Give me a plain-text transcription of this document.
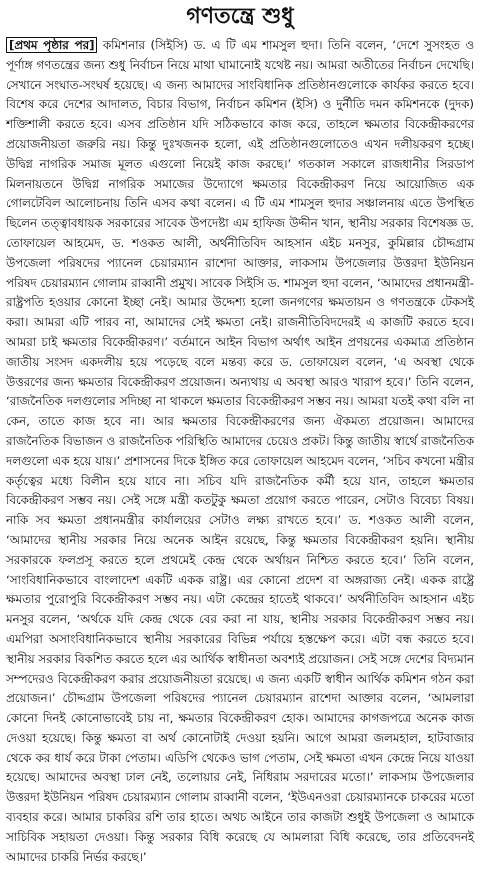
গণতন্ত্রে শুধু

[প্রথম পৃষ্ঠার পর] কমিশনার (সিইসি) ড. এ টি এম শামসুল হুদা। তিনি বলেন, ‘দেশে সুসংহত ও পূর্ণাঙ্গ গণতন্ত্রের জন্য শুধু নির্বাচন নিয়ে মাথা ঘামানোই যথেষ্ট নয়। আমরা অতীতের নির্বাচন দেখেছি। সেখানে সংঘাত-সংঘর্ষ হয়েছে। এ জন্য আমাদের সাংবিধানিক প্রতিষ্ঠানগুলোকে কার্যকর করতে হবে। বিশেষ করে দেশের আদালত, বিচার বিভাগ, নির্বাচন কমিশন (ইসি) ও দুর্নীতি দমন কমিশনকে (দুদক) শক্তিশালী করতে হবে। এসব প্রতিষ্ঠান যদি সঠিকভাবে কাজ করে, তাহলে ক্ষমতার বিকেন্দ্রীকরণের প্রয়োজনীয়তা জরুরি নয়। কিন্তু দুঃখজনক হলো, এই প্রতিষ্ঠানগুলোতেও এখন দলীয়করণ হচ্ছে। উদ্বিগ্ন নাগরিক সমাজ মূলত এগুলো নিয়েই কাজ করছে।’ গতকাল সকালে রাজধানীর সিরডাপ মিলনায়তনে উদ্বিগ্ন নাগরিক সমাজের উদ্যোগে ক্ষমতার বিকেন্দ্রীকরণ নিয়ে আয়োজিত এক গোলটেবিল আলোচনায় তিনি এসব কথা বলেন। এ টি এম শামসুল হুদার সঞ্চালনায় এতে উপস্থিত ছিলেন তত্ত্বাবধায়ক সরকারের সাবেক উপদেষ্টা এম হাফিজ উদ্দীন খান, স্থানীয় সরকার বিশেষজ্ঞ ড. তোফায়েল আহমেদ, ড. শওকত আলী, অর্থনীতিবিদ আহসান এইচ মনসুর, কুমিল্লার চৌদ্দগ্রাম উপজেলা পরিষদের প্যানেল চেয়ারম্যান রাশেদা আক্তার, লাকসাম উপজেলার উত্তরদা ইউনিয়ন পরিষদ চেয়ারম্যান গোলাম রাব্বানী প্রমুখ। সাবেক সিইসি ড. শামসুল হুদা বলেন, ‘আমাদের প্রধানমন্ত্রী-রাষ্ট্রপতি হওয়ার কোনো ইচ্ছা নেই। আমার উদ্দেশ্য হলো জনগণের ক্ষমতায়ন ও গণতন্ত্রকে টেকসই করা। আমরা এটি পারব না, আমাদের সেই ক্ষমতা নেই। রাজনীতিবিদদেরই এ কাজটি করতে হবে। আমরা চাই ক্ষমতার বিকেন্দ্রীকরণ।’ বর্তমানে আইন বিভাগ অর্থাৎ আইন প্রণয়নের একমাত্র প্রতিষ্ঠান জাতীয় সংসদ একদলীয় হয়ে পড়েছে বলে মন্তব্য করে ড. তোফায়েল বলেন, ‘এ অবস্থা থেকে উত্তরণের জন্য ক্ষমতার বিকেন্দ্রীকরণ প্রয়োজন। অন্যথায় এ অবস্থা আরও খারাপ হবে।’ তিনি বলেন, ‘রাজনৈতিক দলগুলোর সদিচ্ছা না থাকলে ক্ষমতার বিকেন্দ্রীকরণ সম্ভব নয়। আমরা যতই কথা বলি না কেন, তাতে কাজ হবে না। আর ক্ষমতার বিকেন্দ্রীকরণের জন্য ঐকমত্য প্রয়োজন। আমাদের রাজনৈতিক বিভাজন ও রাজনৈতিক পরিস্থিতি আমাদের চেয়েও প্রকট। কিন্তু জাতীয় স্বার্থে রাজনৈতিক দলগুলো এক হয়ে যায়।’ প্রশাসনের দিকে ইঙ্গিত করে তোফায়েল আহমেদ বলেন, ‘সচিব কখনো মন্ত্রীর কর্তৃত্বের মধ্যে বিলীন হয়ে যাবে না। সচিব যদি রাজনৈতিক কর্মী হয়ে যান, তাহলে ক্ষমতার বিকেন্দ্রীকরণ সম্ভব নয়। সেই সঙ্গে মন্ত্রী কতটুকু ক্ষমতা প্রয়োগ করতে পারেন, সেটাও বিবেচ্য বিষয়। নাকি সব ক্ষমতা প্রধানমন্ত্রীর কার্যালয়ের সেটাও লক্ষ্য রাখতে হবে।’ ড. শওকত আলী বলেন, ‘আমাদের স্থানীয় সরকার নিয়ে অনেক আইন রয়েছে, কিন্তু ক্ষমতার বিকেন্দ্রীকরণ হয়নি। স্থানীয় সরকারকে ফলপ্রসূ করতে হলে প্রথমেই কেন্দ্র থেকে অর্থায়ন নিশ্চিত করতে হবে।’ তিনি বলেন, ‘সাংবিধানিকভাবে বাংলাদেশ একটি একক রাষ্ট্র। এর কোনো প্রদেশ বা অঙ্গরাজ্য নেই। একক রাষ্ট্রে ক্ষমতার পুরোপুরি বিকেন্দ্রীকরণ সম্ভব নয়। এটা কেন্দ্রের হাতেই থাকবে।’ অর্থনীতিবিদ আহসান এইচ মনসুর বলেন, ‘অর্থকে যদি কেন্দ্র থেকে বের করা না যায়, স্থানীয় সরকার বিকেন্দ্রীকরণ সম্ভব নয়। এমপিরা অসাংবিধানিকভাবে স্থানীয় সরকারের বিভিন্ন পর্যায়ে হস্তক্ষেপ করে। এটা বন্ধ করতে হবে। স্থানীয় সরকার বিকশিত করতে হলে এর আর্থিক স্বাধীনতা অবশ্যই প্রয়োজন। সেই সঙ্গে দেশের বিদ্যমান সম্পদেরও বিকেন্দ্রীকরণ করার প্রয়োজনীয়তা রয়েছে। এ জন্য একটি স্বাধীন আর্থিক কমিশন গঠন করা প্রয়োজন।’ চৌদ্দগ্রাম উপজেলা পরিষদের প্যানেল চেয়ারম্যান রাশেদা আক্তার বলেন, ‘আমলারা কোনো দিনই কোনোভাবেই চায় না, ক্ষমতার বিকেন্দ্রীকরণ হোক। আমাদের কাগজপত্রে অনেক কাজ দেওয়া হয়েছে। কিন্তু ক্ষমতা বা অর্থ কোনোটাই দেওয়া হয়নি। আগে আমরা জলমহাল, হাটবাজার থেকে কর ধার্য করে টাকা পেতাম। এডিপি থেকেও ভাগ পেতাম, সেই ক্ষমতা এখন কেন্দ্রে নিয়ে যাওয়া হয়েছে। আমাদের অবস্থা ঢাল নেই, তলোয়ার নেই, নিধিরাম সরদারের মতো।’ লাকসাম উপজেলার উত্তরদা ইউনিয়ন পরিষদ চেয়ারম্যান গোলাম রাব্বানী বলেন, ‘ইউএনওরা চেয়ারম্যানকে চাকরের মতো ব্যবহার করে। আমার চাকরির রশি তার হাতে। অথচ আইনে তার কাজটা শুধুই উপজেলা ও আমাকে সাচিবিক সহায়তা দেওয়া। কিন্তু সরকার বিধি করেছে যে আমলারা বিধি করেছে, তার প্রতিবেদনই আমাদের চাকরি নির্ভর করছে।’
